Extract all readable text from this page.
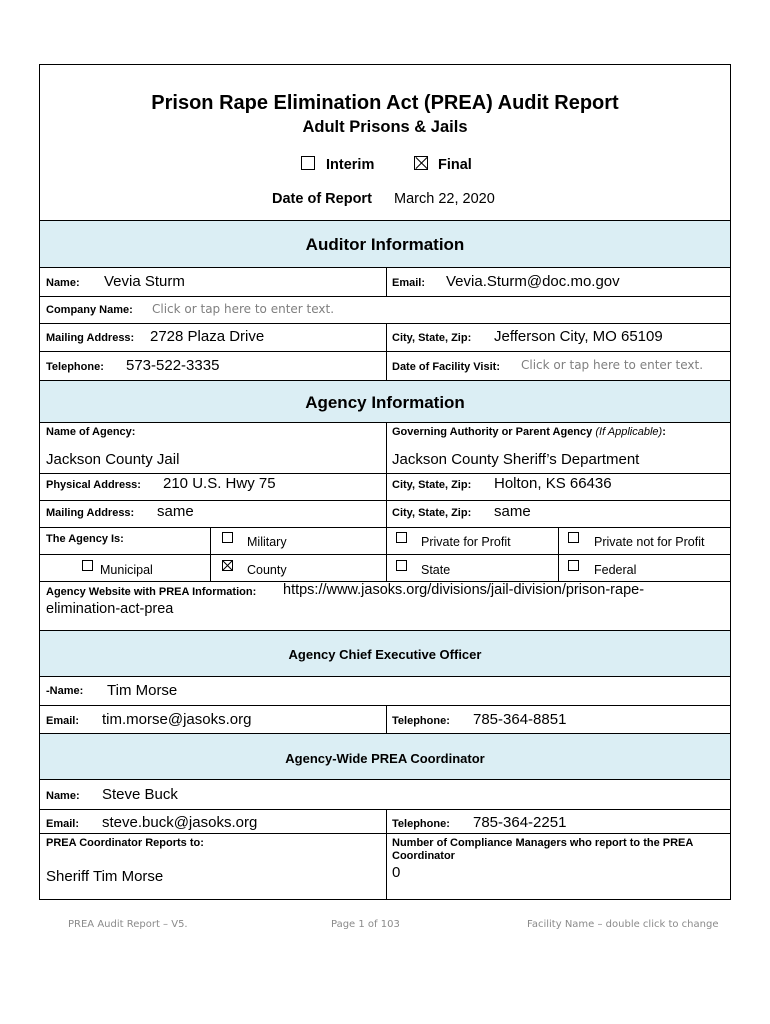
Prison Rape Elimination Act (PREA) Audit Report
Adult Prisons & Jails
Interim	Final
Date of Report March 22, 2020
Auditor Information
Name: Vevia Sturm	Email: Vevia.Sturm@doc.mo.gov
Company Name: Click or tap here to enter text.
Mailing Address: 2728 Plaza Drive	City, State, Zip: Jefferson City, MO 65109
Telephone: 573-522-3335	Date of Facility Visit: Click or tap here to enter text.
Agency Information
Name of Agency:
Jackson County Jail
Governing Authority or Parent Agency (If Applicable):
Jackson County Sheriff’s Department
Physical Address: 210 U.S. Hwy 75	City, State, Zip: Holton, KS 66436
Mailing Address: same	City, State, Zip: same
The Agency Is:	Military	Private for Profit	Private not for Profit
Municipal	County	State	Federal
Agency Website with PREA Information: https://www.jasoks.org/divisions/jail-division/prison-rape-
elimination-act-prea
Agency Chief Executive Officer
-Name: Tim Morse
Email: tim.morse@jasoks.org	Telephone: 785-364-8851
Agency-Wide PREA Coordinator
Name: Steve Buck
Email: steve.buck@jasoks.org	Telephone: 785-364-2251
PREA Coordinator Reports to:
Sheriff Tim Morse
Number of Compliance Managers who report to the PREA
Coordinator
0
PREA Audit Report – V5.	Page 1 of 103	Facility Name – double click to change
